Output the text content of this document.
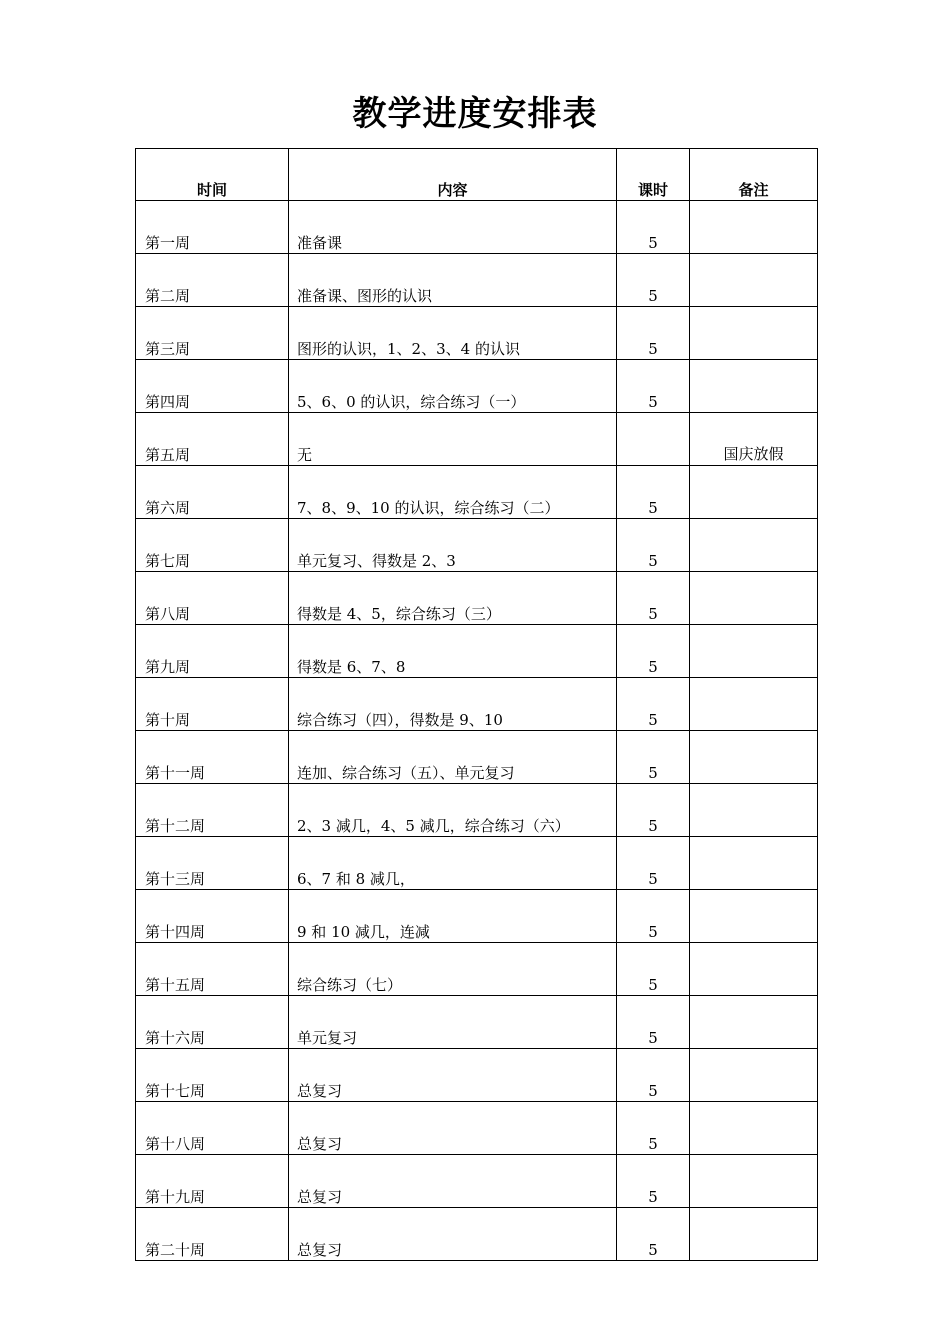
教学进度安排表
时间	内容	课时	备注
第一周	准备课	5	
第二周	准备课、图形的认识	5	
第三周	图形的认识，1、2、3、4 的认识	5	
第四周	5、6、0 的认识，综合练习（一）	5	
第五周	无		国庆放假
第六周	7、8、9、10 的认识，综合练习（二）	5	
第七周	单元复习、得数是 2、3	5	
第八周	得数是 4、5，综合练习（三）	5	
第九周	得数是 6、7、8	5	
第十周	综合练习（四），得数是 9、10	5	
第十一周	连加、综合练习（五）、单元复习	5	
第十二周	2、3 减几，4、5 减几，综合练习（六）	5	
第十三周	6、7 和 8 减几，	5	
第十四周	9 和 10 减几，连减	5	
第十五周	综合练习（七）	5	
第十六周	单元复习	5	
第十七周	总复习	5	
第十八周	总复习	5	
第十九周	总复习	5	
第二十周	总复习	5	
